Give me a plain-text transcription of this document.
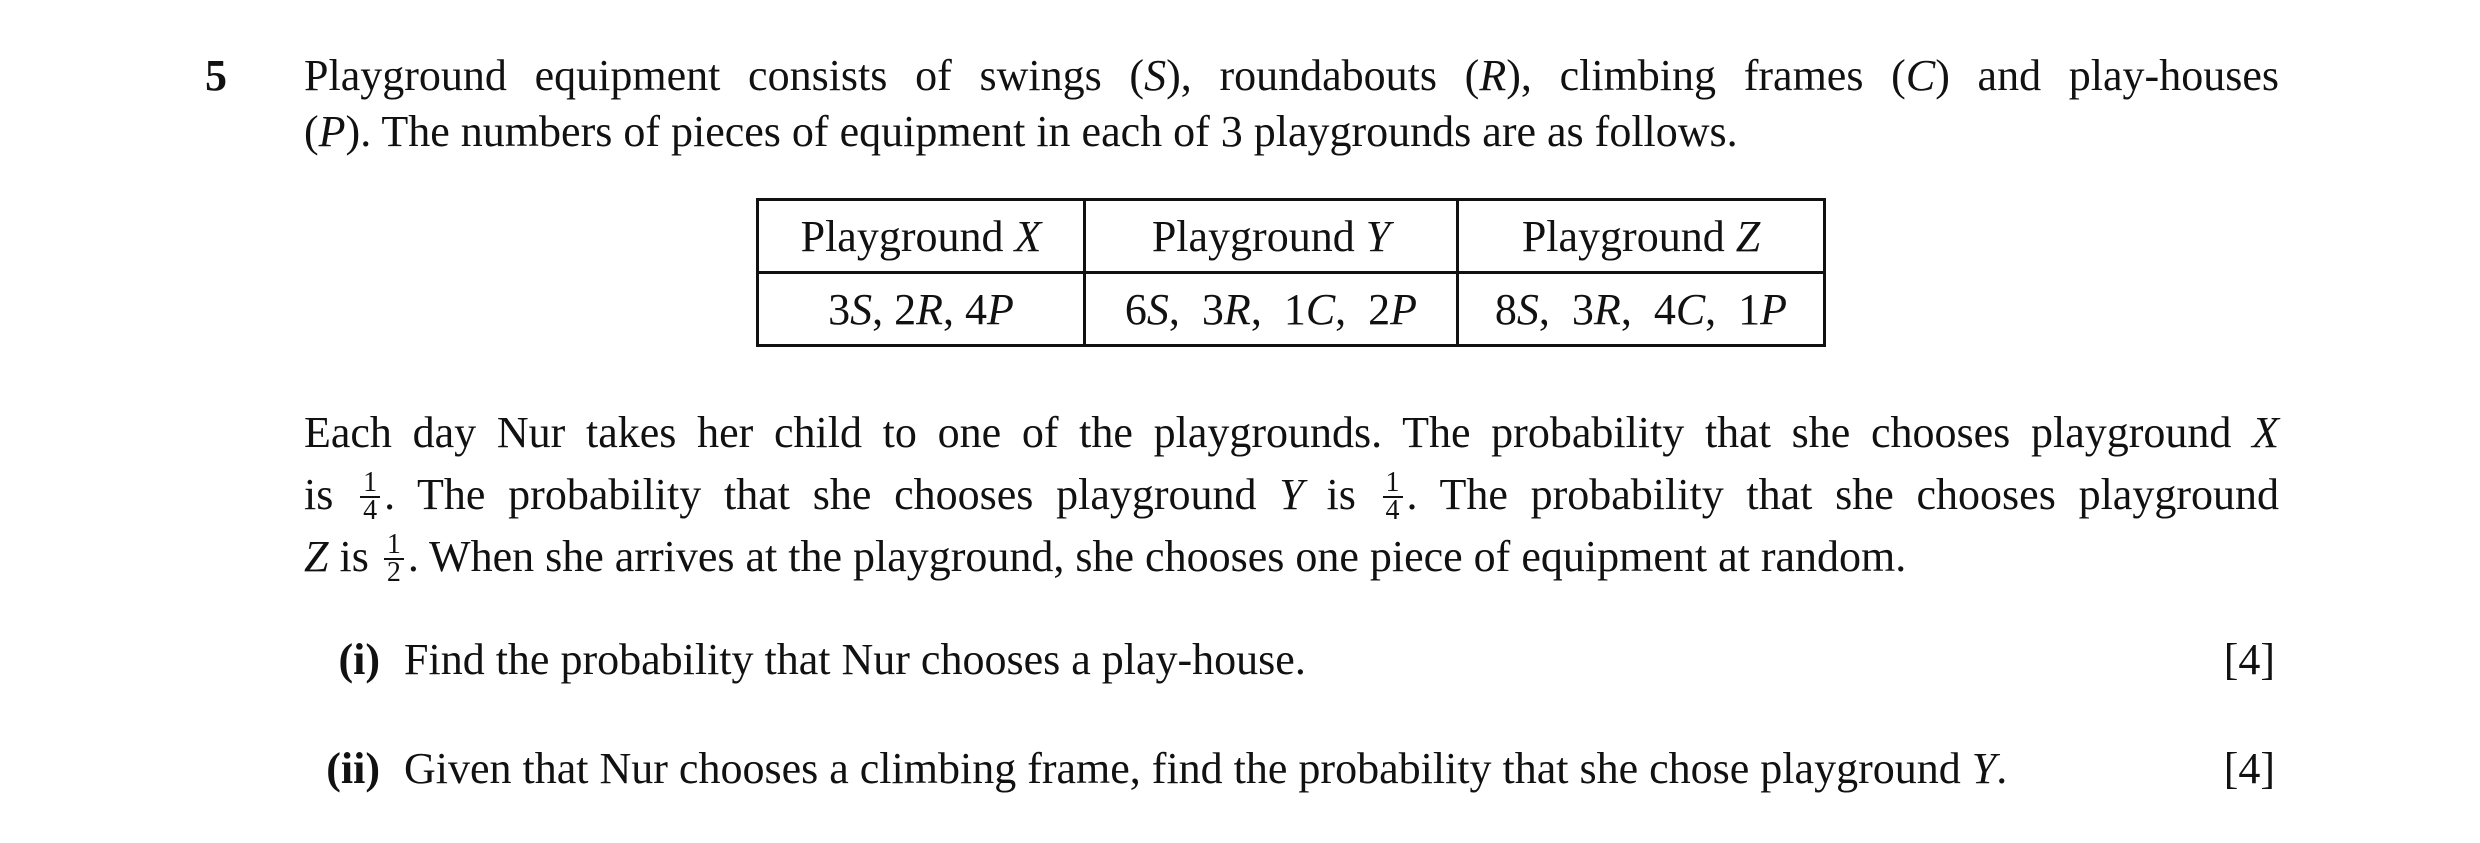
5 Playground equipment consists of swings (S), roundabouts (R), climbing frames (C) and play-houses
(P). The numbers of pieces of equipment in each of 3 playgrounds are as follows.
Playground X	Playground Y	Playground Z
3S, 2R, 4P	6S,  3R,  1C,  2P	8S,  3R,  4C,  1P
Each day Nur takes her child to one of the playgrounds. The probability that she chooses playground X
is $\frac{1}{4}$ . The probability that she chooses playground Y is $\frac{1}{4}$ . The probability that she chooses playground
Z is $\frac{1}{2}$ . When she arrives at the playground, she chooses one piece of equipment at random.
(i) Find the probability that Nur chooses a play-house.	[4]
(ii) Given that Nur chooses a climbing frame, find the probability that she chose playground Y.	[4]
